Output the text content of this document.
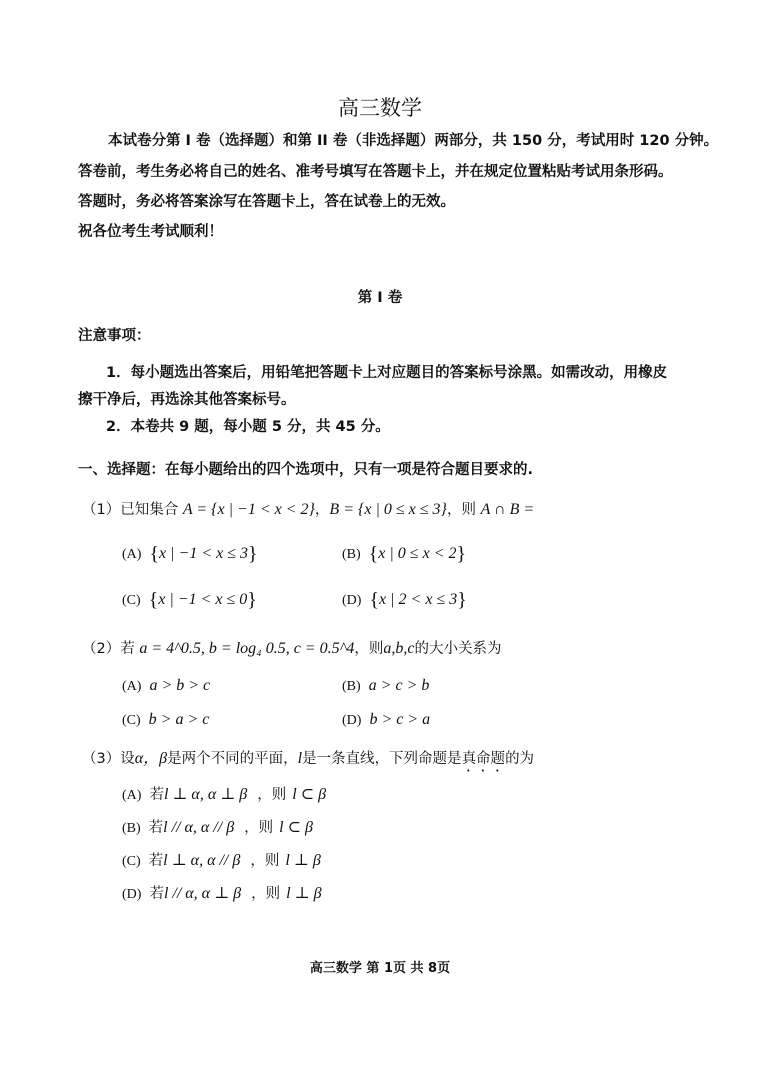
高三数学
本试卷分第 I 卷（选择题）和第 II 卷（非选择题）两部分，共 150 分，考试用时 120 分钟。
答卷前，考生务必将自己的姓名、准考号填写在答题卡上，并在规定位置粘贴考试用条形码。
答题时，务必将答案涂写在答题卡上，答在试卷上的无效。
祝各位考生考试顺利！
第 I 卷
注意事项：
1．每小题选出答案后，用铅笔把答题卡上对应题目的答案标号涂黑。如需改动，用橡皮
擦干净后，再选涂其他答案标号。
2．本卷共 9 题，每小题 5 分，共 45 分。
一、选择题：在每小题给出的四个选项中，只有一项是符合题目要求的.
（1）已知集合 A = {x | −1 < x < 2}，B = {x | 0 ≤ x ≤ 3}，则 A ∩ B =
(A) {x | −1 < x ≤ 3}	(B) {x | 0 ≤ x < 2}
(C) {x | −1 < x ≤ 0}	(D) {x | 2 < x ≤ 3}
（2）若 a = 4^0.5, b = log₄ 0.5, c = 0.5^4，则a,b,c的大小关系为
(A) a > b > c	(B) a > c > b
(C) b > a > c	(D) b > c > a
（3）设α，β是两个不同的平面，l是一条直线，下列命题是真命题的为
(A) 若l ⊥ α, α ⊥ β ，则 l ⊂ β
(B) 若l // α, α // β ，则 l ⊂ β
(C) 若l ⊥ α, α // β ，则 l ⊥ β
(D) 若l // α, α ⊥ β ，则 l ⊥ β
高三数学 第 1页 共 8页
